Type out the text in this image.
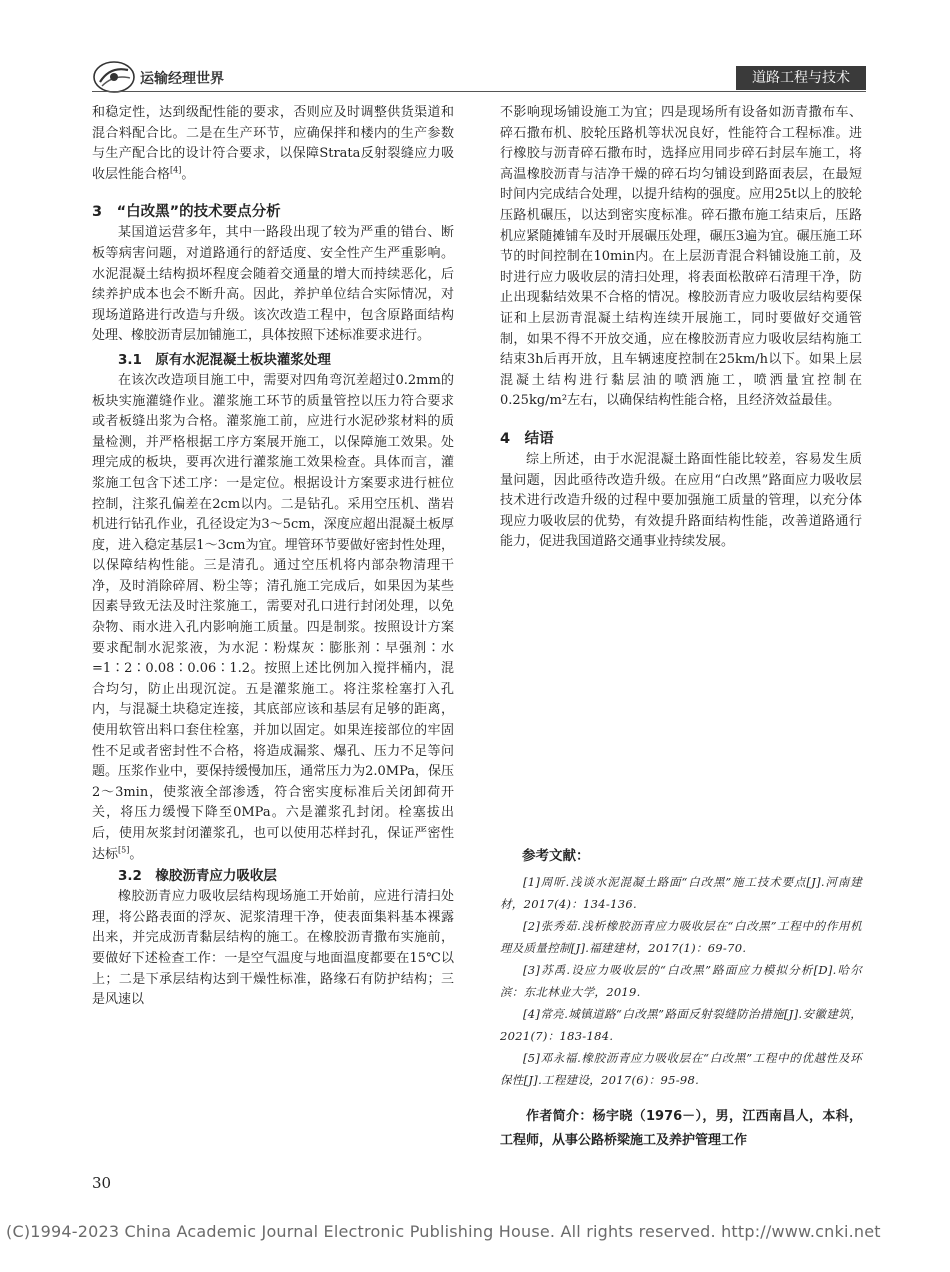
运输经理世界	道路工程与技术

和稳定性，达到级配性能的要求，否则应及时调整供货渠道和混合料配合比。二是在生产环节，应确保拌和楼内的生产参数与生产配合比的设计符合要求，以保障Strata反射裂缝应力吸收层性能合格[4]。

3　“白改黑”的技术要点分析

某国道运营多年，其中一路段出现了较为严重的错台、断板等病害问题，对道路通行的舒适度、安全性产生严重影响。水泥混凝土结构损坏程度会随着交通量的增大而持续恶化，后续养护成本也会不断升高。因此，养护单位结合实际情况，对现场道路进行改造与升级。该次改造工程中，包含原路面结构处理、橡胶沥青层加铺施工，具体按照下述标准要求进行。

3.1　原有水泥混凝土板块灌浆处理

在该次改造项目施工中，需要对四角弯沉差超过0.2mm的板块实施灌缝作业。灌浆施工环节的质量管控以压力符合要求或者板缝出浆为合格。灌浆施工前，应进行水泥砂浆材料的质量检测，并严格根据工序方案展开施工，以保障施工效果。处理完成的板块，要再次进行灌浆施工效果检查。具体而言，灌浆施工包含下述工序：一是定位。根据设计方案要求进行桩位控制，注浆孔偏差在2cm以内。二是钻孔。采用空压机、凿岩机进行钻孔作业，孔径设定为3～5cm，深度应超出混凝土板厚度，进入稳定基层1～3cm为宜。埋管环节要做好密封性处理，以保障结构性能。三是清孔。通过空压机将内部杂物清理干净，及时消除碎屑、粉尘等；清孔施工完成后，如果因为某些因素导致无法及时注浆施工，需要对孔口进行封闭处理，以免杂物、雨水进入孔内影响施工质量。四是制浆。按照设计方案要求配制水泥浆液，为水泥∶粉煤灰∶膨胀剂∶早强剂∶水=1∶2∶0.08∶0.06∶1.2。按照上述比例加入搅拌桶内，混合均匀，防止出现沉淀。五是灌浆施工。将注浆栓塞打入孔内，与混凝土块稳定连接，其底部应该和基层有足够的距离，使用软管出料口套住栓塞，并加以固定。如果连接部位的牢固性不足或者密封性不合格，将造成漏浆、爆孔、压力不足等问题。压浆作业中，要保持缓慢加压，通常压力为2.0MPa，保压2～3min，使浆液全部渗透，符合密实度标准后关闭卸荷开关，将压力缓慢下降至0MPa。六是灌浆孔封闭。栓塞拔出后，使用灰浆封闭灌浆孔，也可以使用芯样封孔，保证严密性达标[5]。

3.2　橡胶沥青应力吸收层

橡胶沥青应力吸收层结构现场施工开始前，应进行清扫处理，将公路表面的浮灰、泥浆清理干净，使表面集料基本裸露出来，并完成沥青黏层结构的施工。在橡胶沥青撒布实施前，要做好下述检查工作：一是空气温度与地面温度都要在15℃以上；二是下承层结构达到干燥性标准，路缘石有防护结构；三是风速以

不影响现场铺设施工为宜；四是现场所有设备如沥青撒布车、碎石撒布机、胶轮压路机等状况良好，性能符合工程标准。进行橡胶与沥青碎石撒布时，选择应用同步碎石封层车施工，将高温橡胶沥青与洁净干燥的碎石均匀铺设到路面表层，在最短时间内完成结合处理，以提升结构的强度。应用25t以上的胶轮压路机碾压，以达到密实度标准。碎石撒布施工结束后，压路机应紧随摊铺车及时开展碾压处理，碾压3遍为宜。碾压施工环节的时间控制在10min内。在上层沥青混合料铺设施工前，及时进行应力吸收层的清扫处理，将表面松散碎石清理干净，防止出现黏结效果不合格的情况。橡胶沥青应力吸收层结构要保证和上层沥青混凝土结构连续开展施工，同时要做好交通管制，如果不得不开放交通，应在橡胶沥青应力吸收层结构施工结束3h后再开放，且车辆速度控制在25km/h以下。如果上层混凝土结构进行黏层油的喷洒施工，喷洒量宜控制在0.25kg/m²左右，以确保结构性能合格，且经济效益最佳。

4　结语

综上所述，由于水泥混凝土路面性能比较差，容易发生质量问题，因此亟待改造升级。在应用“白改黑”路面应力吸收层技术进行改造升级的过程中要加强施工质量的管理，以充分体现应力吸收层的优势，有效提升路面结构性能，改善道路通行能力，促进我国道路交通事业持续发展。

参考文献：

[1]周昕.浅谈水泥混凝土路面“白改黑”施工技术要点[J].河南建材，2017(4)：134-136.

[2]张秀茹.浅析橡胶沥青应力吸收层在“白改黑”工程中的作用机理及质量控制[J].福建建材，2017(1)：69-70.

[3]苏禹.设应力吸收层的“白改黑”路面应力模拟分析[D].哈尔滨：东北林业大学，2019.

[4]常亮.城镇道路“白改黑”路面反射裂缝防治措施[J].安徽建筑，2021(7)：183-184.

[5]邓永福.橡胶沥青应力吸收层在“白改黑”工程中的优越性及环保性[J].工程建设，2017(6)：95-98.

作者简介：杨宇晓（1976－），男，江西南昌人，本科，工程师，从事公路桥梁施工及养护管理工作

30
(C)1994-2023 China Academic Journal Electronic Publishing House. All rights reserved. http://www.cnki.net
